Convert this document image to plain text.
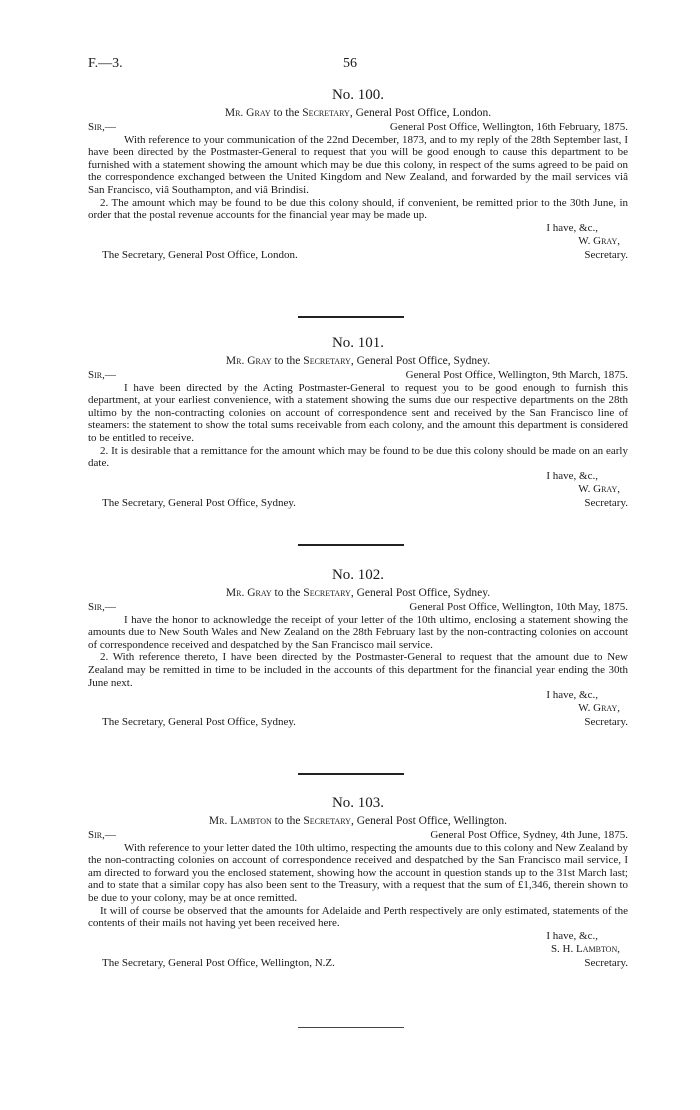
F.—3.	56
No. 100.
Mr. Gray to the Secretary, General Post Office, London.
Sir,—	General Post Office, Wellington, 16th February, 1875.

With reference to your communication of the 22nd December, 1873, and to my reply of the 28th September last, I have been directed by the Postmaster-General to request that you will be good enough to cause this department to be furnished with a statement showing the amount which may be due this colony, in respect of the sums agreed to be paid on the correspondence exchanged between the United Kingdom and New Zealand, and forwarded by the mail services viâ San Francisco, viâ Southampton, and viâ Brindisi.

2. The amount which may be found to be due this colony should, if convenient, be remitted prior to the 30th June, in order that the postal revenue accounts for the financial year may be made up.

I have, &c.,
W. Gray,
The Secretary, General Post Office, London.	Secretary.
No. 101.
Mr. Gray to the Secretary, General Post Office, Sydney.
Sir,—	General Post Office, Wellington, 9th March, 1875.

I have been directed by the Acting Postmaster-General to request you to be good enough to furnish this department, at your earliest convenience, with a statement showing the sums due our respective departments on the 28th ultimo by the non-contracting colonies on account of correspondence sent and received by the San Francisco line of steamers: the statement to show the total sums receivable from each colony, and the amount this department is considered to be entitled to receive.

2. It is desirable that a remittance for the amount which may be found to be due this colony should be made on an early date.

I have, &c.,
W. Gray,
The Secretary, General Post Office, Sydney.	Secretary.
No. 102.
Mr. Gray to the Secretary, General Post Office, Sydney.
Sir,—	General Post Office, Wellington, 10th May, 1875.

I have the honor to acknowledge the receipt of your letter of the 10th ultimo, enclosing a statement showing the amounts due to New South Wales and New Zealand on the 28th February last by the non-contracting colonies on account of correspondence received and despatched by the San Francisco mail service.

2. With reference thereto, I have been directed by the Postmaster-General to request that the amount due to New Zealand may be remitted in time to be included in the accounts of this department for the financial year ending the 30th June next.

I have, &c.,
W. Gray,
The Secretary, General Post Office, Sydney.	Secretary.
No. 103.
Mr. Lambton to the Secretary, General Post Office, Wellington.
Sir,—	General Post Office, Sydney, 4th June, 1875.

With reference to your letter dated the 10th ultimo, respecting the amounts due to this colony and New Zealand by the non-contracting colonies on account of correspondence received and despatched by the San Francisco mail service, I am directed to forward you the enclosed statement, showing how the account in question stands up to the 31st March last; and to state that a similar copy has also been sent to the Treasury, with a request that the sum of £1,346, therein shown to be due to your colony, may be at once remitted.

It will of course be observed that the amounts for Adelaide and Perth respectively are only estimated, statements of the contents of their mails not having yet been received here.

I have, &c.,
S. H. Lambton,
The Secretary, General Post Office, Wellington, N.Z.	Secretary.
